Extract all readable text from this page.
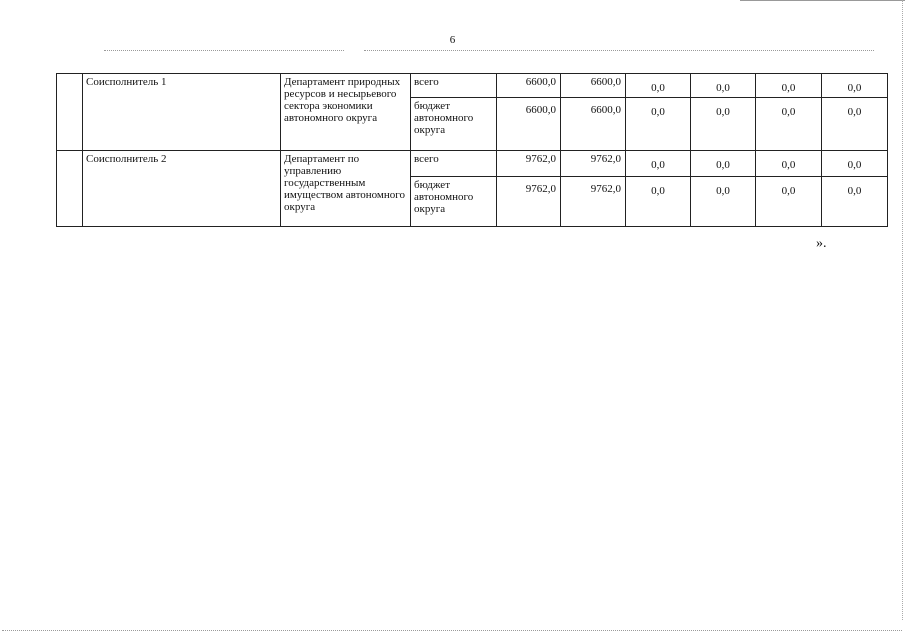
6
	Соисполнитель 1	Департамент природных ресурсов и несырьевого сектора экономики автономного округа	всего	6600,0	6600,0	0,0	0,0	0,0	0,0
			бюджет автономного округа	6600,0	6600,0	0,0	0,0	0,0	0,0
	Соисполнитель 2	Департамент по управлению государственным имуществом автономного округа	всего	9762,0	9762,0	0,0	0,0	0,0	0,0
			бюджет автономного округа	9762,0	9762,0	0,0	0,0	0,0	0,0
».
